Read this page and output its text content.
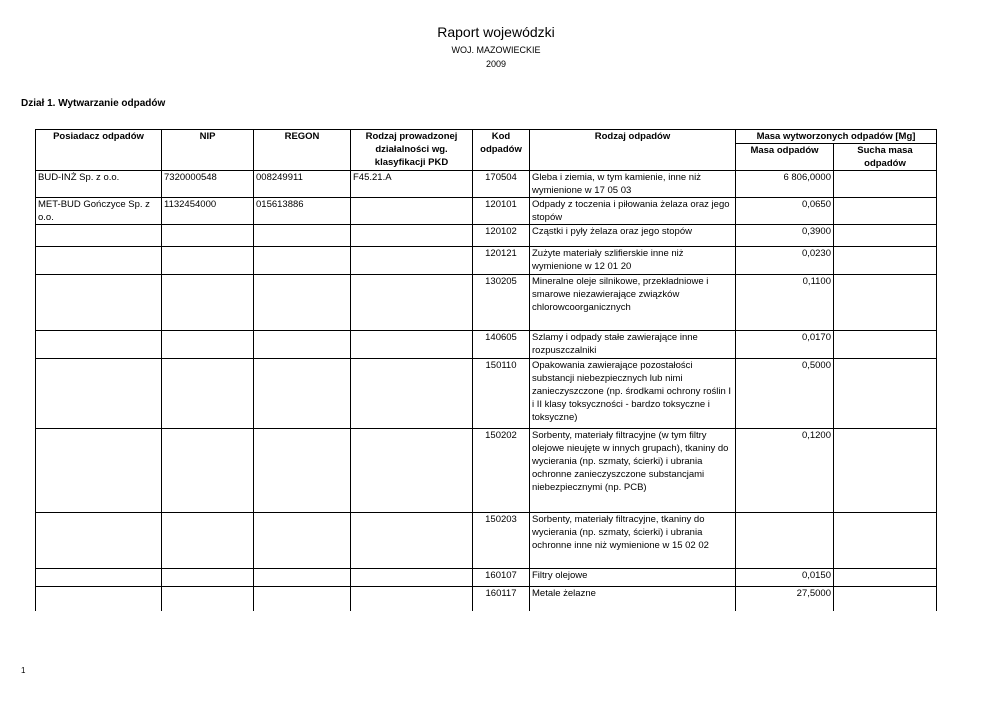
Raport wojewódzki
WOJ. MAZOWIECKIE
2009
Dział 1. Wytwarzanie odpadów
Posiadacz odpadów	NIP	REGON	Rodzaj prowadzonej działalności wg. klasyfikacji PKD	Kod odpadów	Rodzaj odpadów	Masa wytworzonych odpadów [Mg]	
						Masa odpadów	Sucha masa odpadów

BUD-INŻ Sp. z o.o.	7320000548	008249911	F45.21.A	170504	Gleba i ziemia, w tym kamienie, inne niż wymienione w 17 05 03	6 806,0000	
MET-BUD Gończyce Sp. z o.o.	1132454000	015613886		120101	Odpady z toczenia i piłowania żelaza oraz jego stopów	0,0650	
				120102	Cząstki i pyły żelaza oraz jego stopów	0,3900	
				120121	Zużyte materiały szlifierskie inne niż wymienione w 12 01 20	0,0230	
				130205	Mineralne oleje silnikowe, przekładniowe i smarowe niezawierające związków chlorowcoorganicznych	0,1100	
				140605	Szlamy i odpady stałe zawierające inne rozpuszczalniki	0,0170	
				150110	Opakowania zawierające pozostałości substancji niebezpiecznych lub nimi zanieczyszczone (np. środkami ochrony roślin I i II klasy toksyczności - bardzo toksyczne i toksyczne)	0,5000	
				150202	Sorbenty, materiały filtracyjne (w tym filtry olejowe nieujęte w innych grupach), tkaniny do wycierania (np. szmaty, ścierki) i ubrania ochronne zanieczyszczone substancjami niebezpiecznymi (np. PCB)	0,1200	
				150203	Sorbenty, materiały filtracyjne, tkaniny do wycierania (np. szmaty, ścierki) i ubrania ochronne inne niż wymienione w 15 02 02		
				160107	Filtry olejowe	0,0150	
				160117	Metale żelazne	27,5000	
1
